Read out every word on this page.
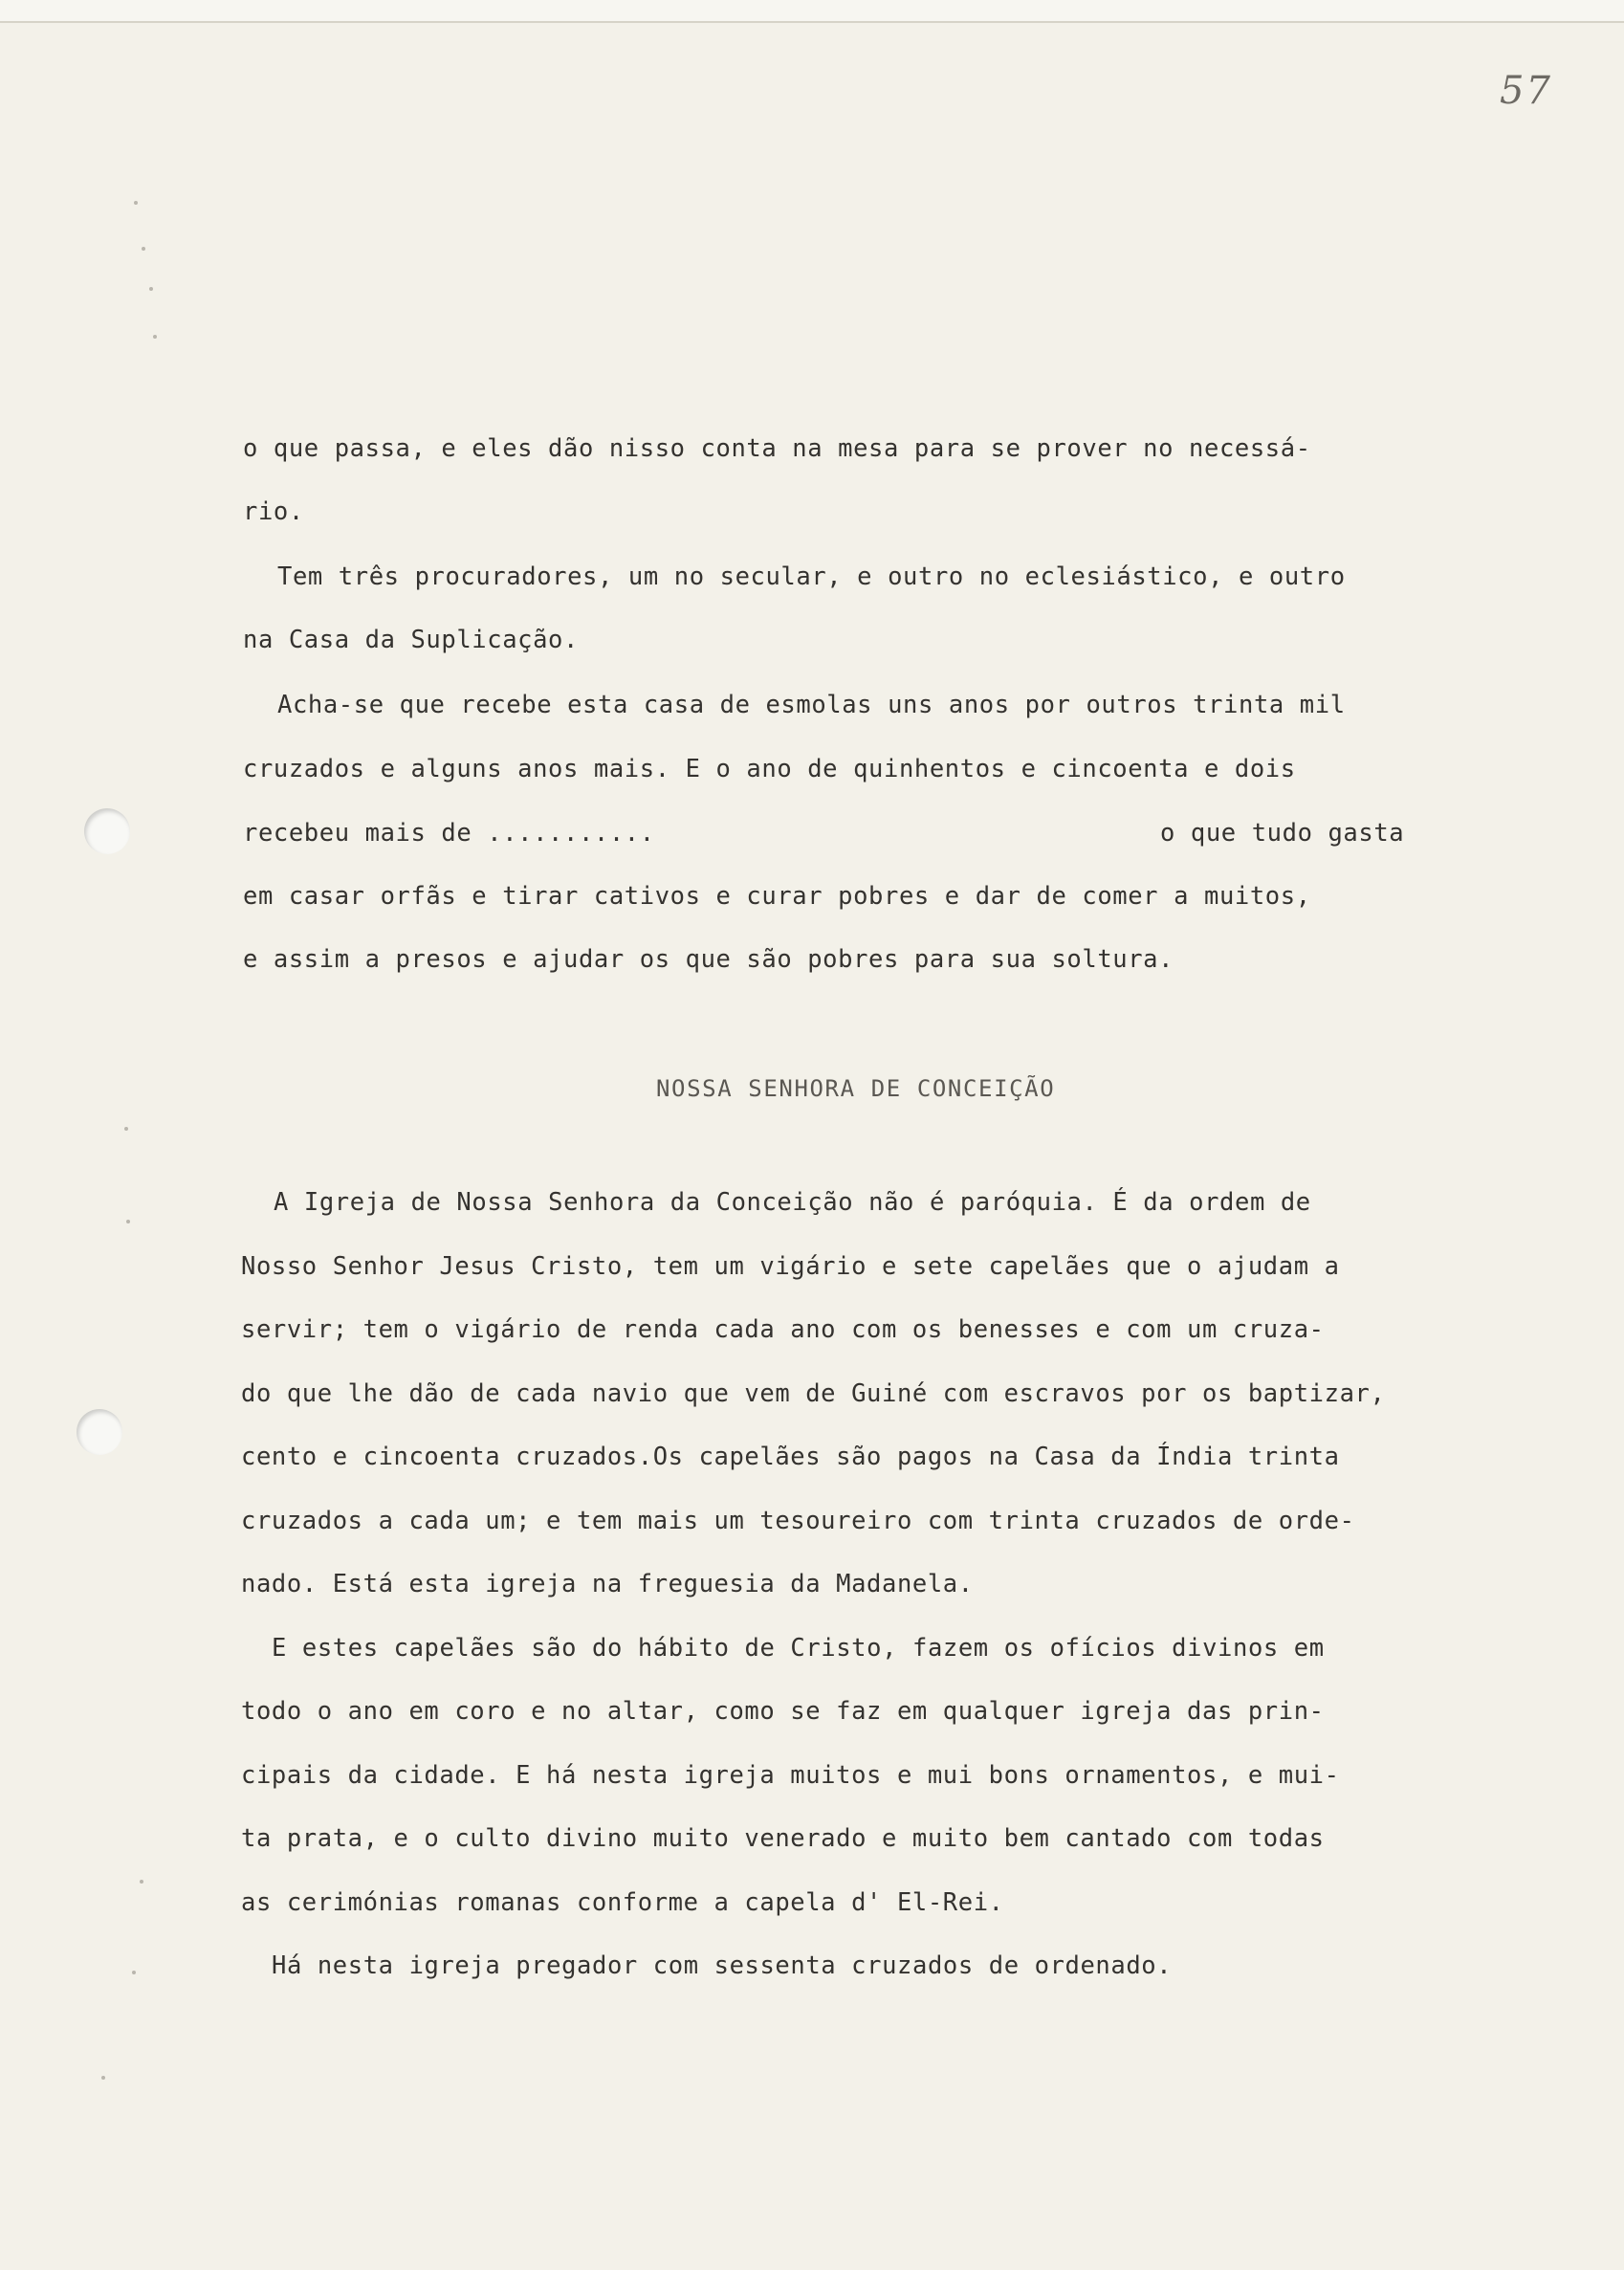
57
o que passa, e eles dão nisso conta na mesa para se prover no necessá-
rio.
Tem três procuradores, um no secular, e outro no eclesiástico, e outro
na Casa da Suplicação.
Acha-se que recebe esta casa de esmolas uns anos por outros trinta mil
cruzados e alguns anos mais. E o ano de quinhentos e cincoenta e dois
recebeu mais de ...........	o que tudo gasta
em casar orfãs e tirar cativos e curar pobres e dar de comer a muitos,
e assim a presos e ajudar os que são pobres para sua soltura.
NOSSA SENHORA DE CONCEIÇÃO
A Igreja de Nossa Senhora da Conceição não é paróquia. É da ordem de
Nosso Senhor Jesus Cristo, tem um vigário e sete capelães que o ajudam a
servir; tem o vigário de renda cada ano com os benesses e com um cruza-
do que lhe dão de cada navio que vem de Guiné com escravos por os baptizar,
cento e cincoenta cruzados.Os capelães são pagos na Casa da Índia trinta
cruzados a cada um; e tem mais um tesoureiro com trinta cruzados de orde-
nado. Está esta igreja na freguesia da Madanela.
E estes capelães são do hábito de Cristo, fazem os ofícios divinos em
todo o ano em coro e no altar, como se faz em qualquer igreja das prin-
cipais da cidade. E há nesta igreja muitos e mui bons ornamentos, e mui-
ta prata, e o culto divino muito venerado e muito bem cantado com todas
as cerimónias romanas conforme a capela d' El-Rei.
Há nesta igreja pregador com sessenta cruzados de ordenado.
